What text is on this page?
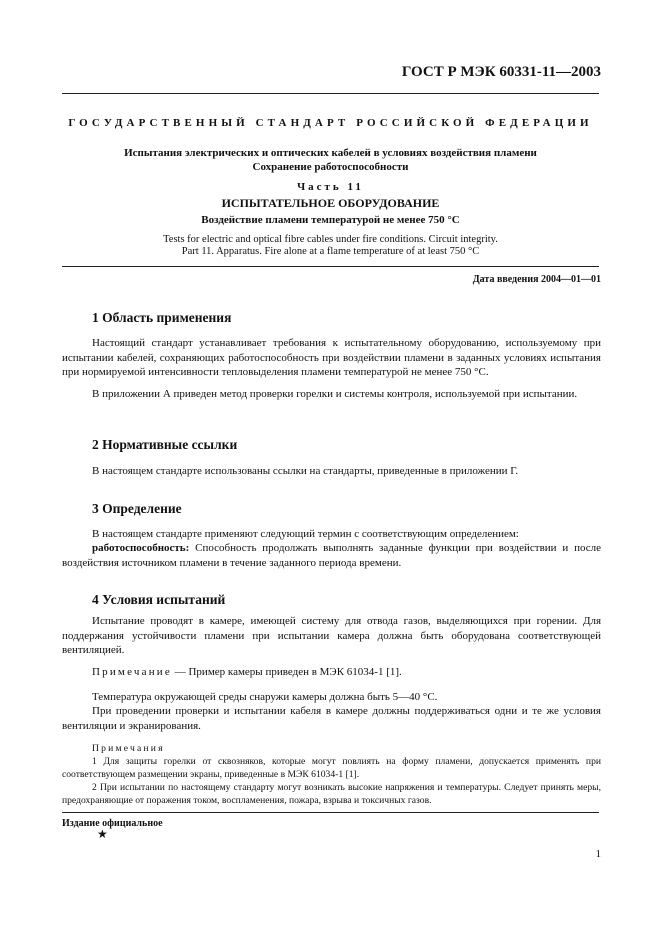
ГОСТ Р МЭК 60331-11—2003
ГОСУДАРСТВЕННЫЙ СТАНДАРТ РОССИЙСКОЙ ФЕДЕРАЦИИ
Испытания электрических и оптических кабелей в условиях воздействия пламени
Сохранение работоспособности
Часть 11
ИСПЫТАТЕЛЬНОЕ ОБОРУДОВАНИЕ
Воздействие пламени температурой не менее 750 °С
Tests for electric and optical fibre cables under fire conditions. Circuit integrity.
Part 11. Apparatus. Fire alone at a flame temperature of at least 750 °C
Дата введения 2004—01—01
1 Область применения
Настоящий стандарт устанавливает требования к испытательному оборудованию, используемому при испытании кабелей, сохраняющих работоспособность при воздействии пламени в заданных условиях испытания при нормируемой интенсивности тепловыделения пламени температурой не менее 750 °С.
В приложении А приведен метод проверки горелки и системы контроля, используемой при испытании.
2 Нормативные ссылки
В настоящем стандарте использованы ссылки на стандарты, приведенные в приложении Г.
3 Определение
В настоящем стандарте применяют следующий термин с соответствующим определением:
работоспособность: Способность продолжать выполнять заданные функции при воздействии и после воздействия источником пламени в течение заданного периода времени.
4 Условия испытаний
Испытание проводят в камере, имеющей систему для отвода газов, выделяющихся при горении. Для поддержания устойчивости пламени при испытании камера должна быть оборудована соответствующей вентиляцией.
Примечание — Пример камеры приведен в МЭК 61034-1 [1].
Температура окружающей среды снаружи камеры должна быть 5—40 °С.
При проведении проверки и испытании кабеля в камере должны поддерживаться одни и те же условия вентиляции и экранирования.
Примечания
1 Для защиты горелки от сквозняков, которые могут повлиять на форму пламени, допускается применять при соответствующем размещении экраны, приведенные в МЭК 61034-1 [1].
2 При испытании по настоящему стандарту могут возникать высокие напряжения и температуры. Следует принять меры, предохраняющие от поражения током, воспламенения, пожара, взрыва и токсичных газов.
Издание официальное
★
1
